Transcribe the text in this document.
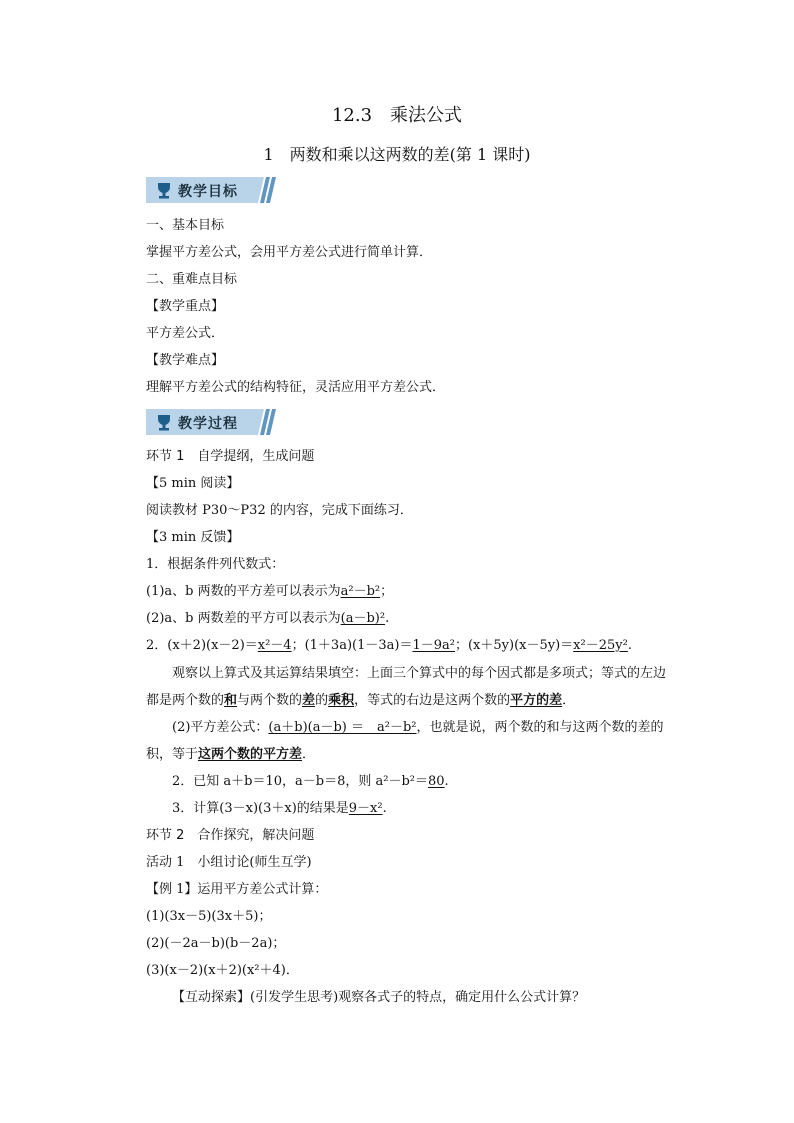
12.3　乘法公式
1　两数和乘以这两数的差(第 1 课时)
教学目标
一、基本目标
掌握平方差公式，会用平方差公式进行简单计算．
二、重难点目标
【教学重点】
平方差公式．
【教学难点】
理解平方差公式的结构特征，灵活应用平方差公式．
教学过程
环节 1　自学提纲，生成问题
【5 min 阅读】
阅读教材 P30～P32 的内容，完成下面练习．
【3 min 反馈】
1．根据条件列代数式：
(1)a、b 两数的平方差可以表示为a²－b²；
(2)a、b 两数差的平方可以表示为(a－b)².
2．(x＋2)(x－2)＝x²－4；(1＋3a)(1－3a)＝1－9a²；(x＋5y)(x－5y)＝x²－25y².
观察以上算式及其运算结果填空：上面三个算式中的每个因式都是多项式；等式的左边
都是两个数的和与两个数的差的乘积，等式的右边是这两个数的平方的差．
(2)平方差公式：(a＋b)(a－b) ＝　a²－b²，也就是说，两个数的和与这两个数的差的
积，等于这两个数的平方差．
2．已知 a＋b＝10，a－b＝8，则 a²－b²＝80.
3．计算(3－x)(3＋x)的结果是9－x².
环节 2　合作探究，解决问题
活动 1　小组讨论(师生互学)
【例 1】运用平方差公式计算：
(1)(3x－5)(3x＋5)；
(2)(－2a－b)(b－2a)；
(3)(x－2)(x＋2)(x²＋4)．
【互动探索】(引发学生思考)观察各式子的特点，确定用什么公式计算？
